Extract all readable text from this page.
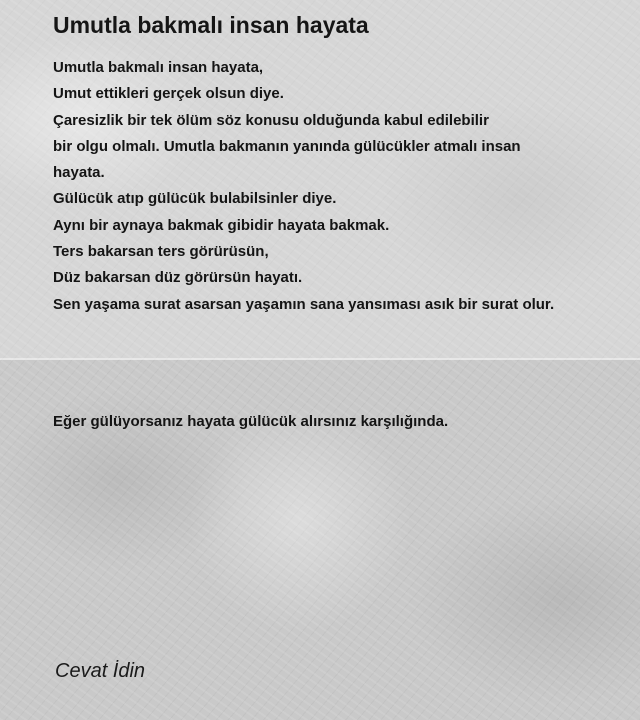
Umutla bakmalı insan hayata
Umutla bakmalı insan hayata,
Umut ettikleri gerçek olsun diye.
Çaresizlik bir tek ölüm söz konusu olduğunda kabul edilebilir
bir olgu olmalı. Umutla bakmanın yanında gülücükler atmalı insan
hayata.
Gülücük atıp gülücük bulabilsinler diye.
Aynı bir aynaya bakmak gibidir hayata bakmak.
Ters bakarsan ters görürüsün,
Düz bakarsan düz görürsün hayatı.
Sen yaşama surat asarsan yaşamın sana yansıması asık bir surat olur.
Eğer gülüyorsanız hayata gülücük alırsınız karşılığında.
Cevat İdin
